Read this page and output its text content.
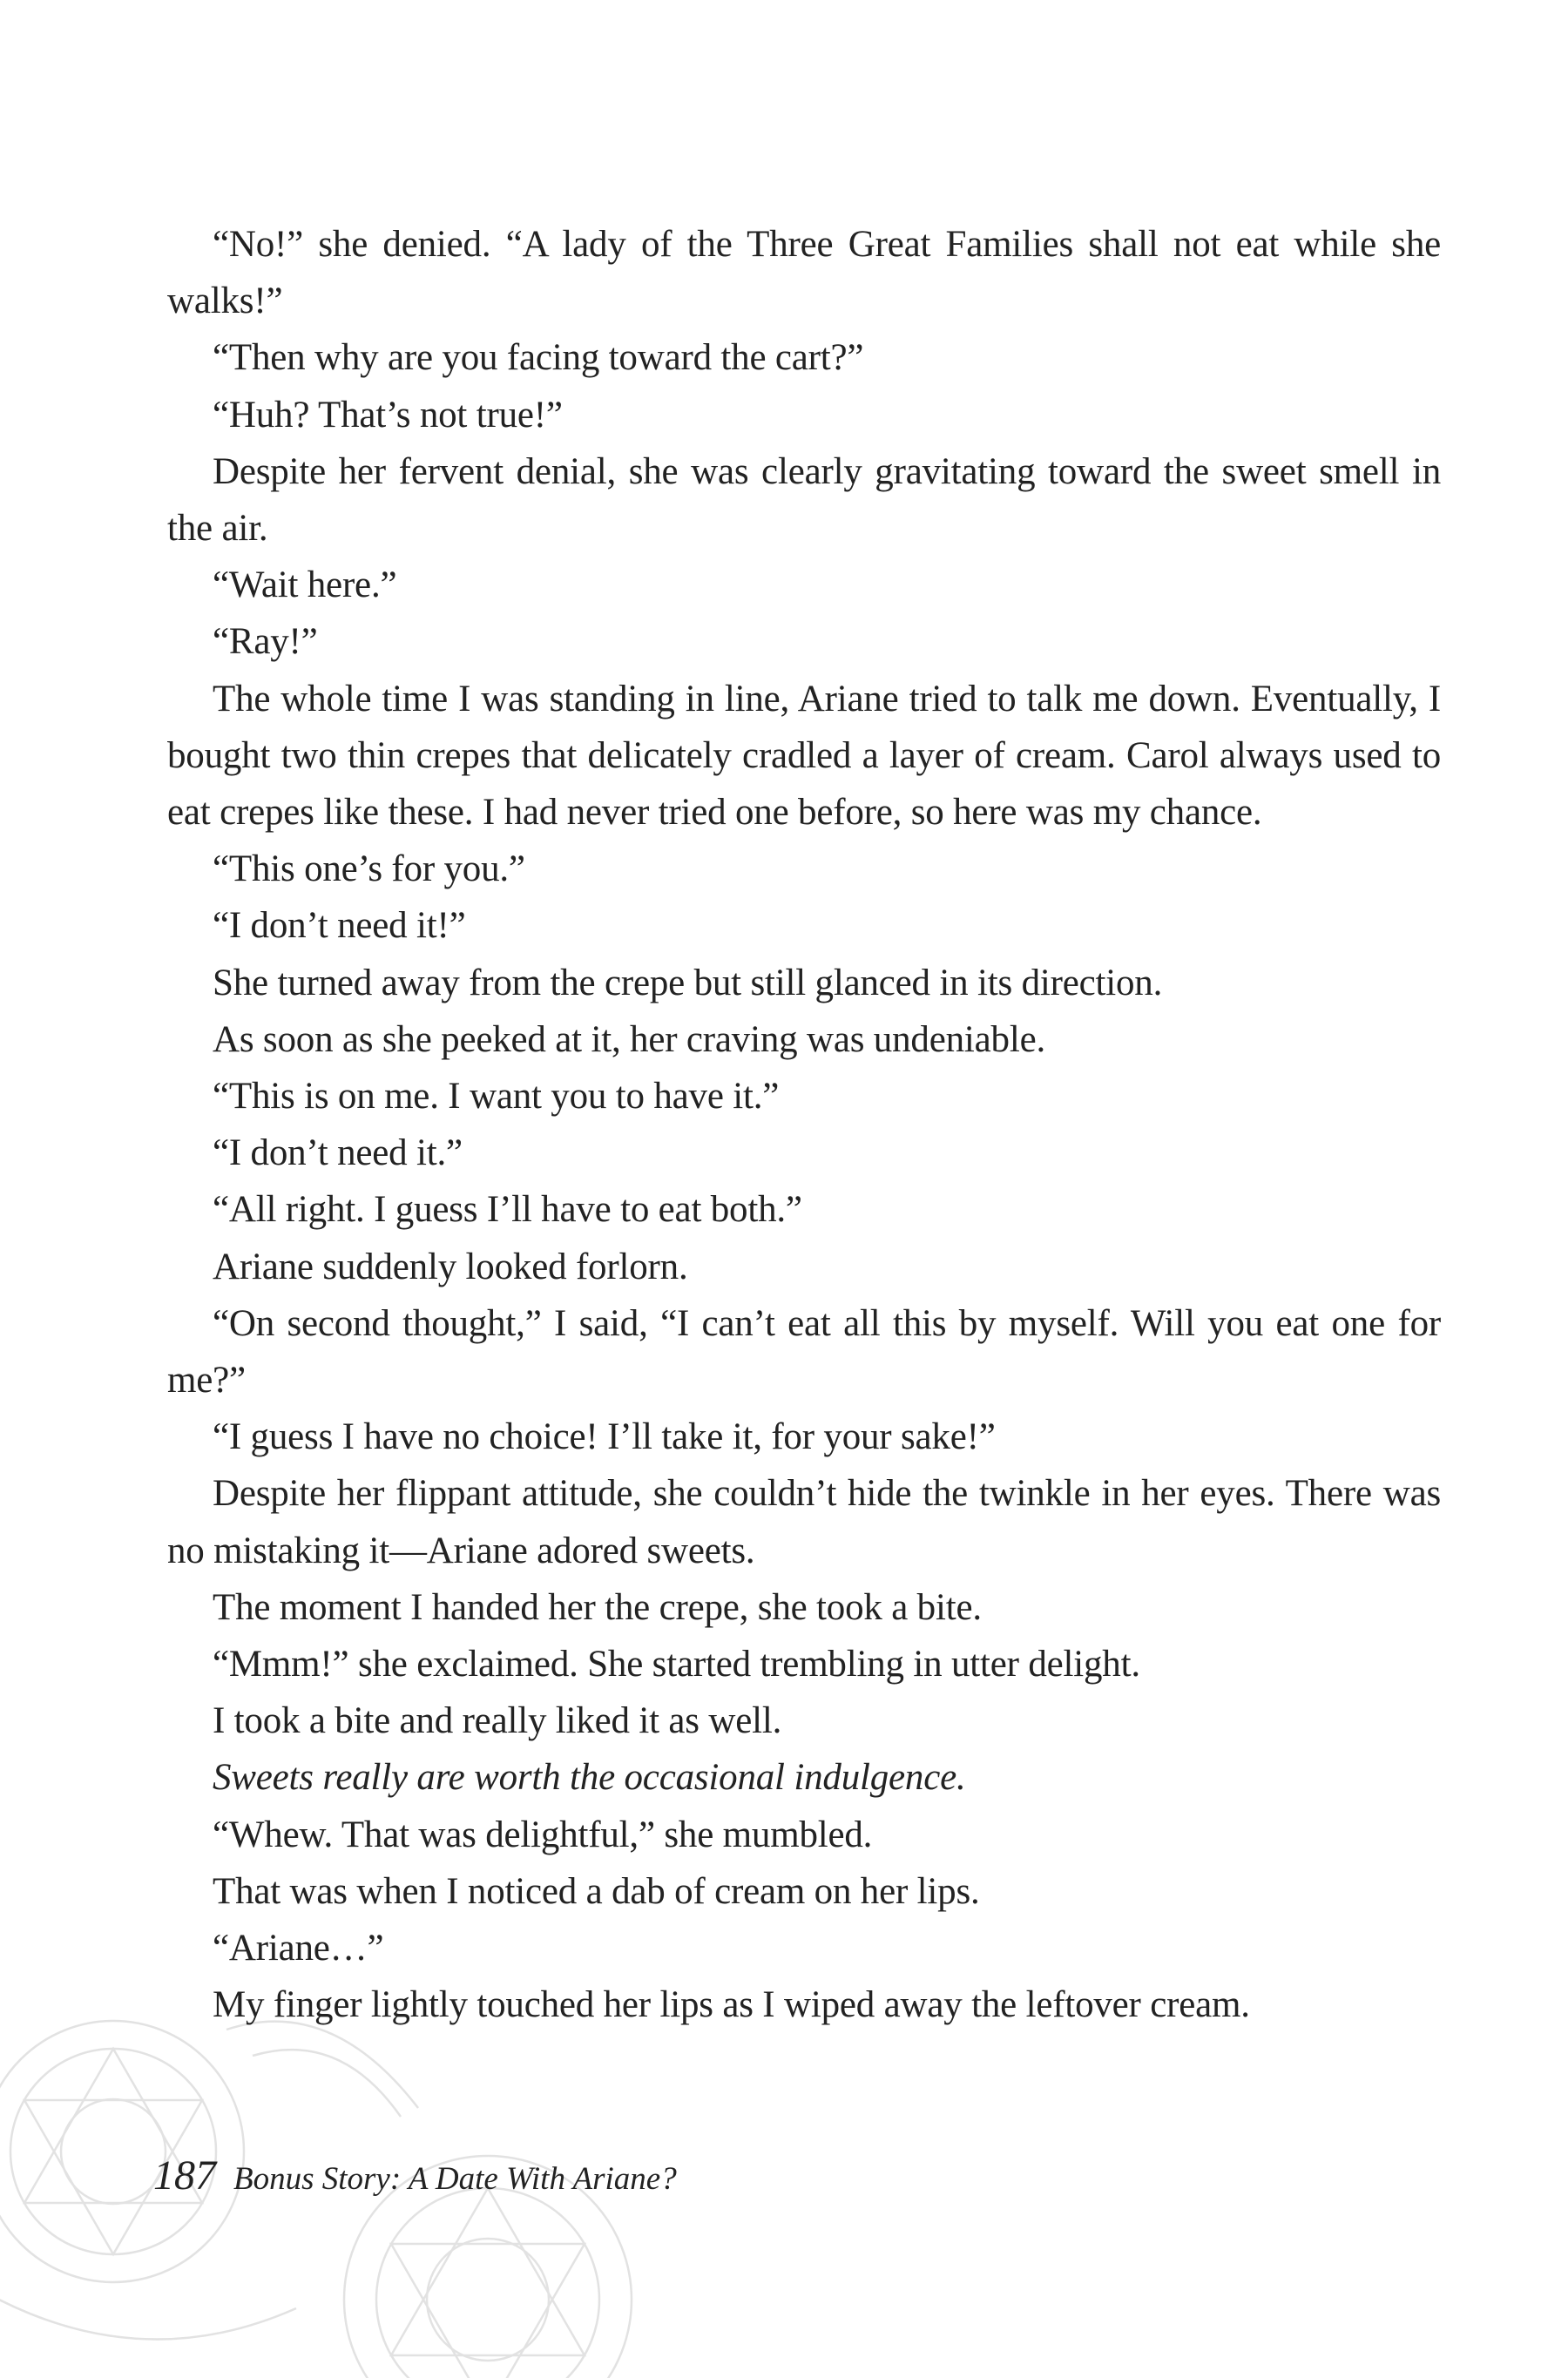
“No!” she denied. “A lady of the Three Great Families shall not eat while she walks!”

“Then why are you facing toward the cart?”

“Huh? That’s not true!”

Despite her fervent denial, she was clearly gravitating toward the sweet smell in the air.

“Wait here.”

“Ray!”

The whole time I was standing in line, Ariane tried to talk me down. Eventually, I bought two thin crepes that delicately cradled a layer of cream. Carol always used to eat crepes like these. I had never tried one before, so here was my chance.

“This one’s for you.”

“I don’t need it!”

She turned away from the crepe but still glanced in its direction.

As soon as she peeked at it, her craving was undeniable.

“This is on me. I want you to have it.”

“I don’t need it.”

“All right. I guess I’ll have to eat both.”

Ariane suddenly looked forlorn.

“On second thought,” I said, “I can’t eat all this by myself. Will you eat one for me?”

“I guess I have no choice! I’ll take it, for your sake!”

Despite her flippant attitude, she couldn’t hide the twinkle in her eyes. There was no mistaking it—Ariane adored sweets.

The moment I handed her the crepe, she took a bite.

“Mmm!” she exclaimed. She started trembling in utter delight.

I took a bite and really liked it as well.

Sweets really are worth the occasional indulgence.

“Whew. That was delightful,” she mumbled.

That was when I noticed a dab of cream on her lips.

“Ariane…”

My finger lightly touched her lips as I wiped away the leftover cream.

187 Bonus Story: A Date With Ariane?
